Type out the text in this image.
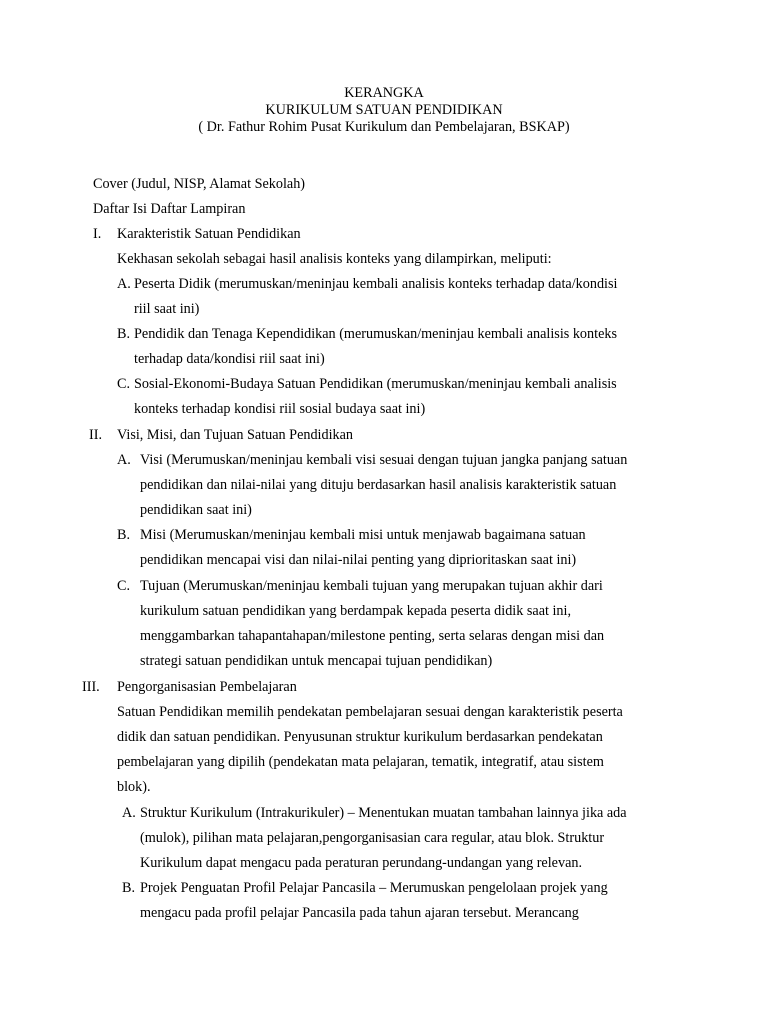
KERANGKA
KURIKULUM SATUAN PENDIDIKAN
( Dr. Fathur Rohim Pusat Kurikulum dan Pembelajaran, BSKAP)
Cover (Judul, NISP, Alamat Sekolah)
Daftar Isi Daftar Lampiran
I. Karakteristik Satuan Pendidikan
Kekhasan sekolah sebagai hasil analisis konteks yang dilampirkan, meliputi:
A. Peserta Didik (merumuskan/meninjau kembali analisis konteks terhadap data/kondisi
riil saat ini)
B. Pendidik dan Tenaga Kependidikan (merumuskan/meninjau kembali analisis konteks
terhadap data/kondisi riil saat ini)
C. Sosial-Ekonomi-Budaya Satuan Pendidikan (merumuskan/meninjau kembali analisis
konteks terhadap kondisi riil sosial budaya saat ini)
II. Visi, Misi, dan Tujuan Satuan Pendidikan
A. Visi (Merumuskan/meninjau kembali visi sesuai dengan tujuan jangka panjang satuan
pendidikan dan nilai-nilai yang dituju berdasarkan hasil analisis karakteristik satuan
pendidikan saat ini)
B. Misi (Merumuskan/meninjau kembali misi untuk menjawab bagaimana satuan
pendidikan mencapai visi dan nilai-nilai penting yang diprioritaskan saat ini)
C. Tujuan (Merumuskan/meninjau kembali tujuan yang merupakan tujuan akhir dari
kurikulum satuan pendidikan yang berdampak kepada peserta didik saat ini,
menggambarkan tahapantahapan/milestone penting, serta selaras dengan misi dan
strategi satuan pendidikan untuk mencapai tujuan pendidikan)
III. Pengorganisasian Pembelajaran
Satuan Pendidikan memilih pendekatan pembelajaran sesuai dengan karakteristik peserta
didik dan satuan pendidikan. Penyusunan struktur kurikulum berdasarkan pendekatan
pembelajaran yang dipilih (pendekatan mata pelajaran, tematik, integratif, atau sistem
blok).
A. Struktur Kurikulum (Intrakurikuler) – Menentukan muatan tambahan lainnya jika ada
(mulok), pilihan mata pelajaran,pengorganisasian cara regular, atau blok. Struktur
Kurikulum dapat mengacu pada peraturan perundang-undangan yang relevan.
B. Projek Penguatan Profil Pelajar Pancasila – Merumuskan pengelolaan projek yang
mengacu pada profil pelajar Pancasila pada tahun ajaran tersebut. Merancang
